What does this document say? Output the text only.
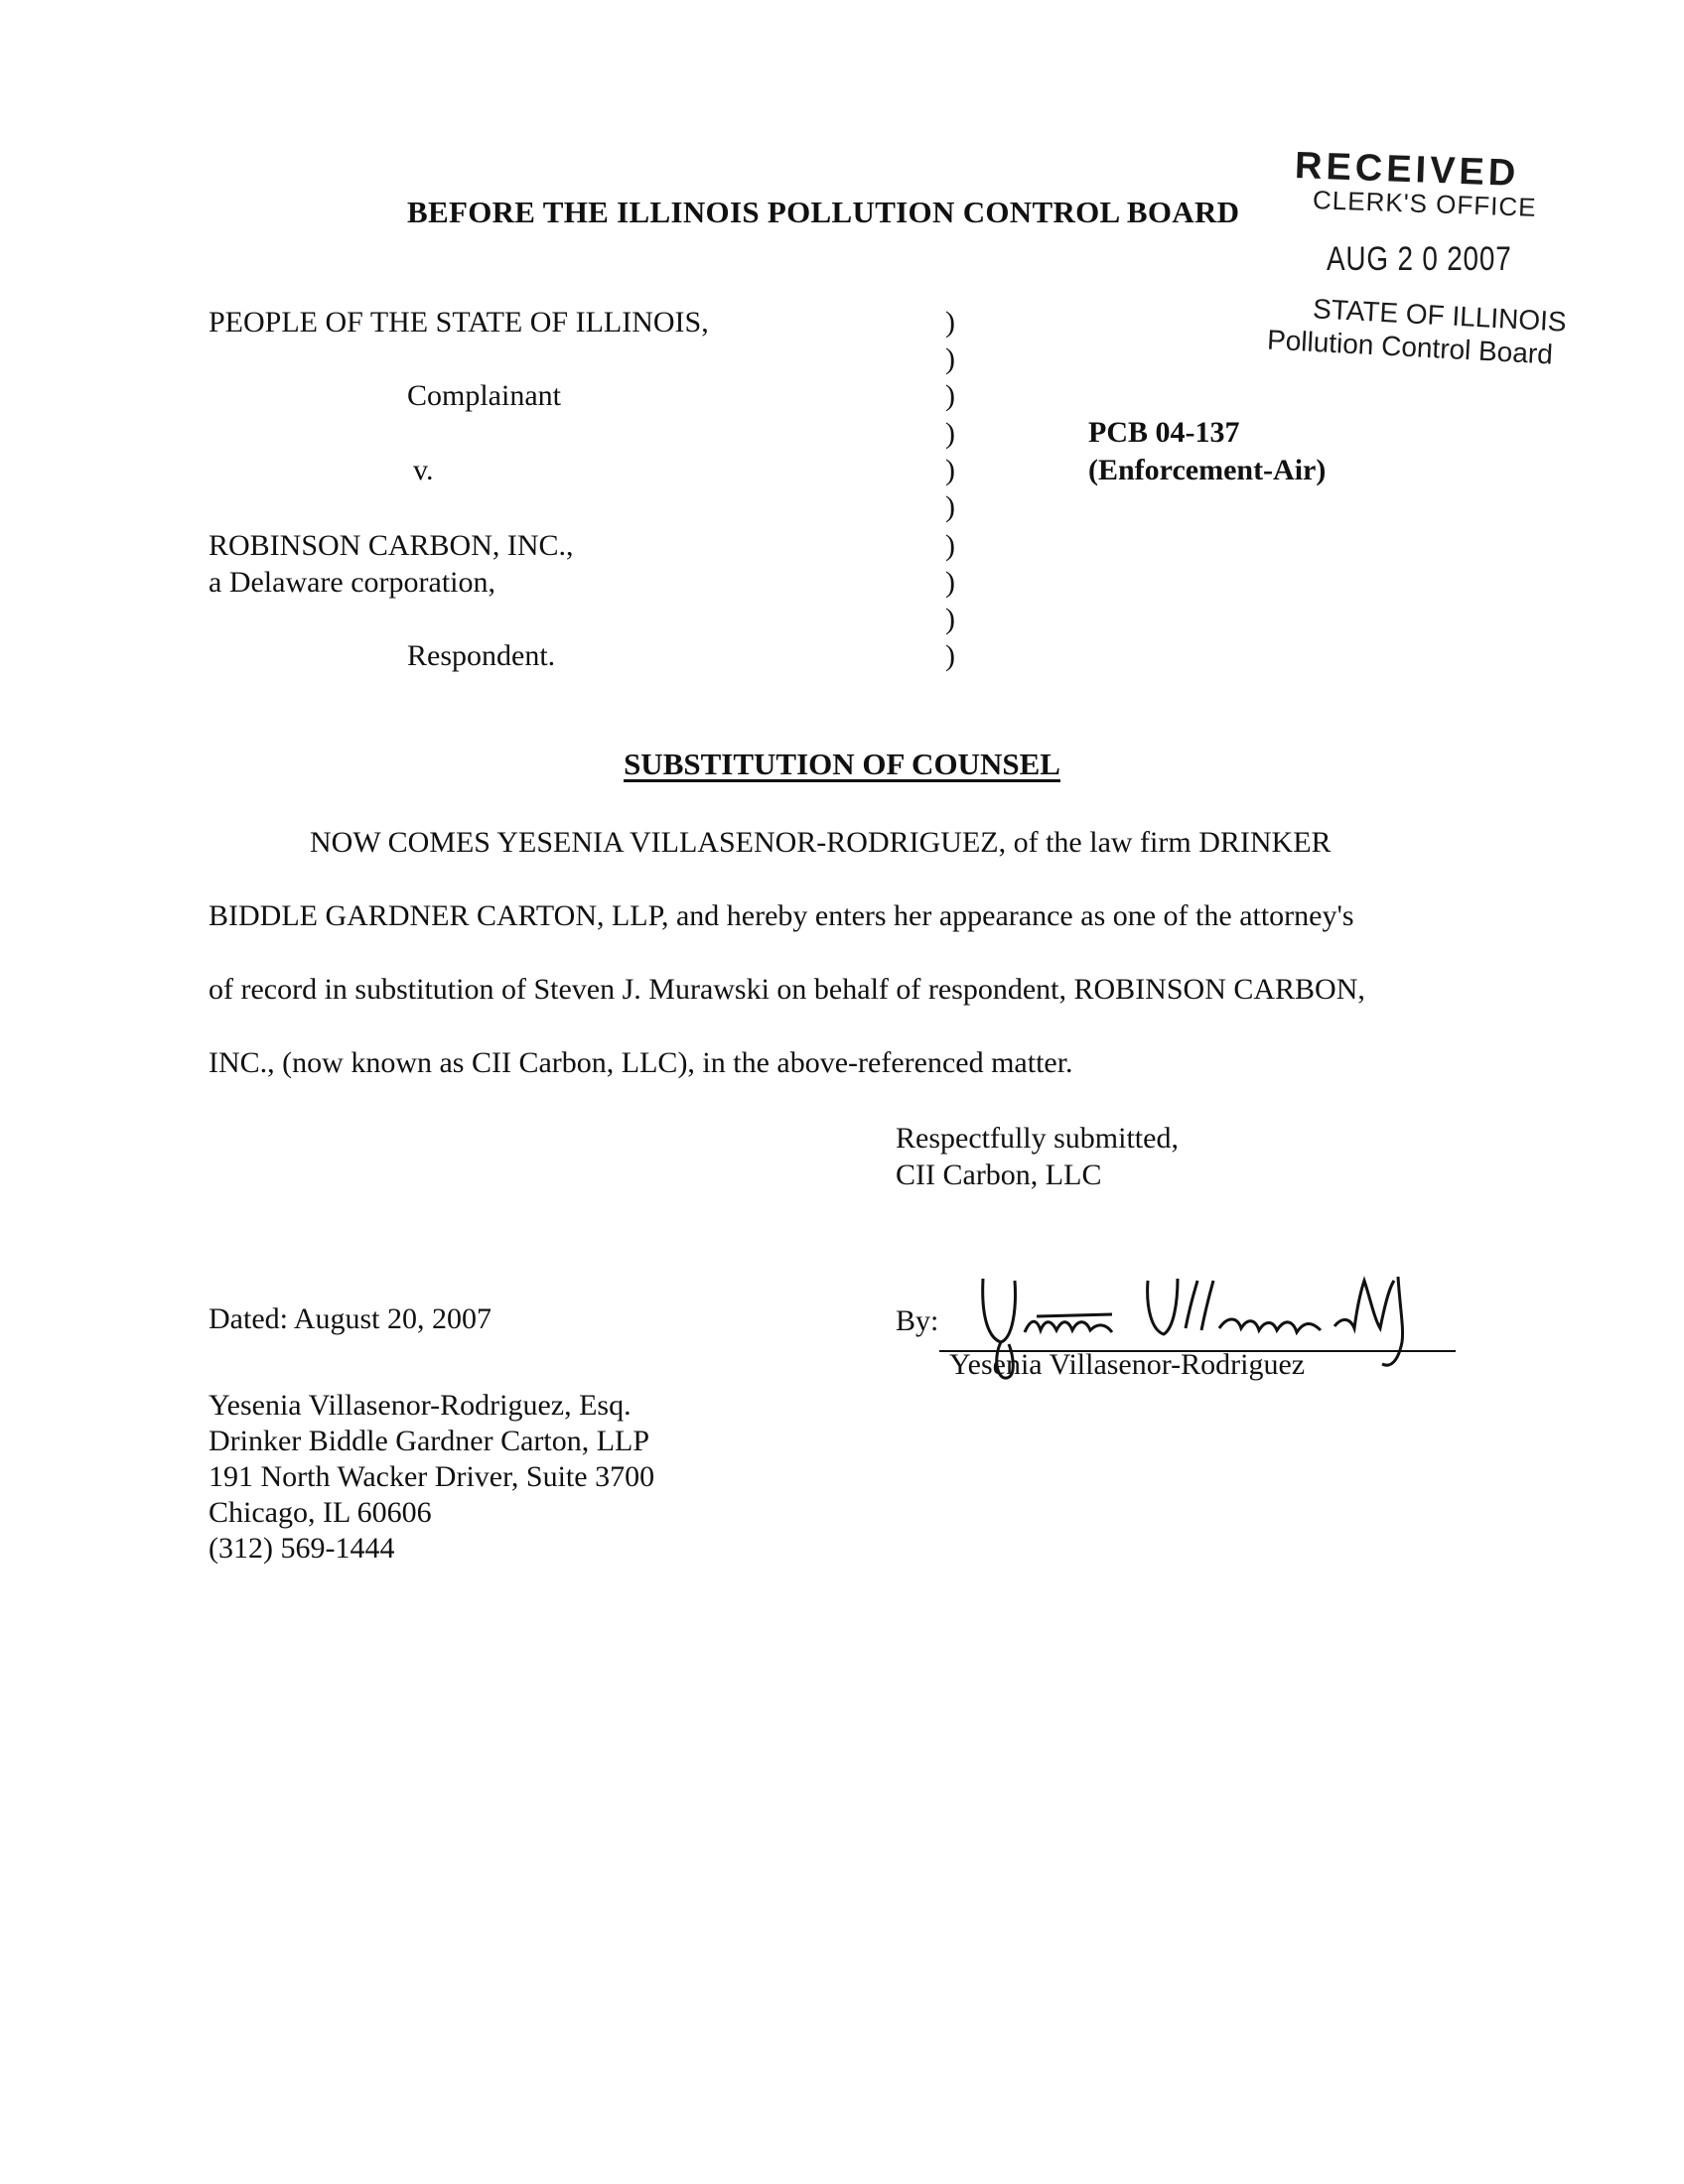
BEFORE THE ILLINOIS POLLUTION CONTROL BOARD
RECEIVED
CLERK'S OFFICE
AUG 2 0 2007
STATE OF ILLINOIS
Pollution Control Board
PEOPLE OF THE STATE OF ILLINOIS,
Complainant
v.
ROBINSON CARBON, INC.,
a Delaware corporation,
Respondent.
)
)
)
)
)
)
)
)
)
)
PCB 04-137
(Enforcement-Air)
SUBSTITUTION OF COUNSEL
NOW COMES YESENIA VILLASENOR-RODRIGUEZ, of the law firm DRINKER
BIDDLE GARDNER CARTON, LLP, and hereby enters her appearance as one of the attorney's
of record in substitution of Steven J. Murawski on behalf of respondent, ROBINSON CARBON,
INC., (now known as CII Carbon, LLC), in the above-referenced matter.
Respectfully submitted,
CII Carbon, LLC
Dated: August 20, 2007	By:
Yesenia Villasenor-Rodriguez
Yesenia Villasenor-Rodriguez, Esq.
Drinker Biddle Gardner Carton, LLP
191 North Wacker Driver, Suite 3700
Chicago, IL 60606
(312) 569-1444
